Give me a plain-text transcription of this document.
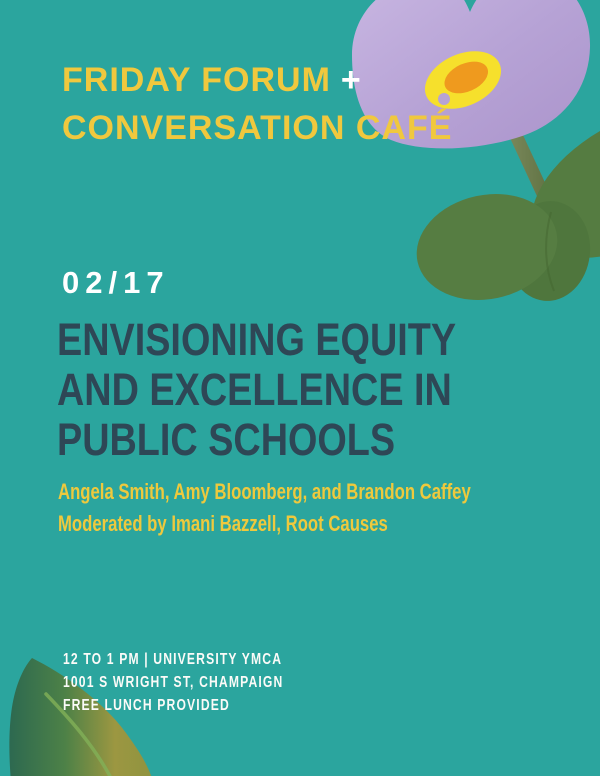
FRIDAY FORUM +
CONVERSATION CAFÉ
02/17
ENVISIONING EQUITY
AND EXCELLENCE IN
PUBLIC SCHOOLS
Angela Smith, Amy Bloomberg, and Brandon Caffey
Moderated by Imani Bazzell, Root Causes
12 TO 1 PM | UNIVERSITY YMCA
1001 S WRIGHT ST, CHAMPAIGN
FREE LUNCH PROVIDED
